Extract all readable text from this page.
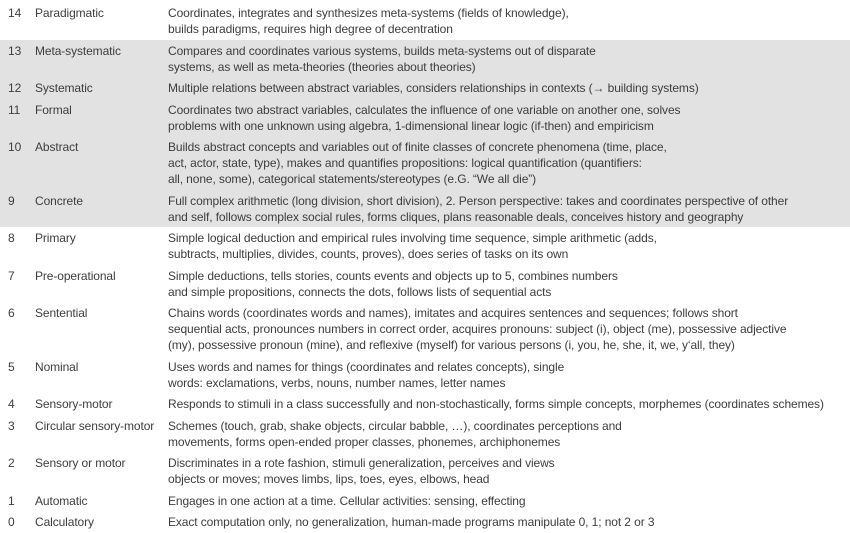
14	Paradigmatic	Coordinates, integrates and synthesizes meta-systems (fields of knowledge),
builds paradigms, requires high degree of decentration
13	Meta-systematic	Compares and coordinates various systems, builds meta-systems out of disparate
systems, as well as meta-theories (theories about theories)
12	Systematic	Multiple relations between abstract variables, considers relationships in contexts (→ building systems)
11	Formal	Coordinates two abstract variables, calculates the influence of one variable on another one, solves
problems with one unknown using algebra, 1-dimensional linear logic (if-then) and empiricism
10	Abstract	Builds abstract concepts and variables out of finite classes of concrete phenomena (time, place,
act, actor, state, type), makes and quantifies propositions: logical quantification (quantifiers:
all, none, some), categorical statements/stereotypes (e.G. “We all die”)
9	Concrete	Full complex arithmetic (long division, short division), 2. Person perspective: takes and coordinates perspective of other
and self, follows complex social rules, forms cliques, plans reasonable deals, conceives history and geography
8	Primary	Simple logical deduction and empirical rules involving time sequence, simple arithmetic (adds,
subtracts, multiplies, divides, counts, proves), does series of tasks on its own
7	Pre-operational	Simple deductions, tells stories, counts events and objects up to 5, combines numbers
and simple propositions, connects the dots, follows lists of sequential acts
6	Sentential	Chains words (coordinates words and names), imitates and acquires sentences and sequences; follows short
sequential acts, pronounces numbers in correct order, acquires pronouns: subject (i), object (me), possessive adjective
(my), possessive pronoun (mine), and reflexive (myself) for various persons (i, you, he, she, it, we, y‘all, they)
5	Nominal	Uses words and names for things (coordinates and relates concepts), single
words: exclamations, verbs, nouns, number names, letter names
4	Sensory-motor	Responds to stimuli in a class successfully and non-stochastically, forms simple concepts, morphemes (coordinates schemes)
3	Circular sensory-motor	Schemes (touch, grab, shake objects, circular babble, …), coordinates perceptions and
movements, forms open-ended proper classes, phonemes, archiphonemes
2	Sensory or motor	Discriminates in a rote fashion, stimuli generalization, perceives and views
objects or moves; moves limbs, lips, toes, eyes, elbows, head
1	Automatic	Engages in one action at a time. Cellular activities: sensing, effecting
0	Calculatory	Exact computation only, no generalization, human-made programs manipulate 0, 1; not 2 or 3
